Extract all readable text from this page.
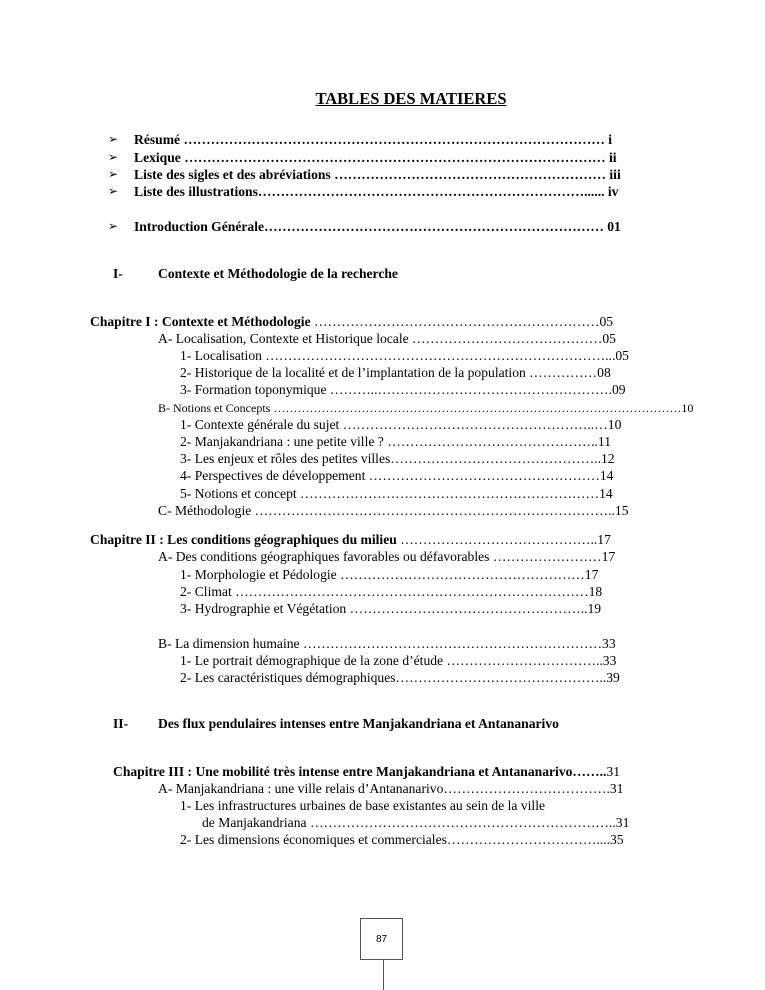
TABLES DES MATIERES
➢ Résumé ………………………………………………………………………………… i
➢ Lexique ………………………………………………………………………………… ii
➢ Liste des sigles et des abréviations …………………………………………………… iii
➢ Liste des illustrations………………………………………………………………...... iv
➢ Introduction Générale………………………………………………………………… 01
I-	Contexte et Méthodologie de la recherche
Chapitre I : Contexte et Méthodologie ………………………………………………………05
A- Localisation, Contexte et Historique locale ……………………………………05
1- Localisation …………………………………………………………………...05
2- Historique de la localité et de l’implantation de la population ……………08
3- Formation toponymique ………..…………………………………………….09
B- Notions et Concepts …………………………………………………………………………………………10
1- Contexte générale du sujet ………………………………………………..…10
2- Manjakandriana : une petite ville ? ………………………………………..11
3- Les enjeux et rôles des petites villes………………………………………..12
4- Perspectives de développement ……………………………………………14
5- Notions et concept …………………………………………………………14
C- Méthodologie ……………………………………………………………………..15
Chapitre II : Les conditions géographiques du milieu ……………………………………..17
A- Des conditions géographiques favorables ou défavorables ……………………17
1- Morphologie et Pédologie ………………………………………………17
2- Climat ……………………………………………………………………18
3- Hydrographie et Végétation ……………………………………………..19
B- La dimension humaine …………………………………………………………33
1- Le portrait démographique de la zone d’étude ……………………………..33
2- Les caractéristiques démographiques………………………………………..39
II- Des flux pendulaires intenses entre Manjakandriana et Antananarivo
Chapitre III : Une mobilité très intense entre Manjakandriana et Antananarivo……..31
A- Manjakandriana : une ville relais d’Antananarivo……………………………….31
1- Les infrastructures urbaines de base existantes au sein de la ville
de Manjakandriana …………………………………………………………..31
2- Les dimensions économiques et commerciales……………………………....35
87
